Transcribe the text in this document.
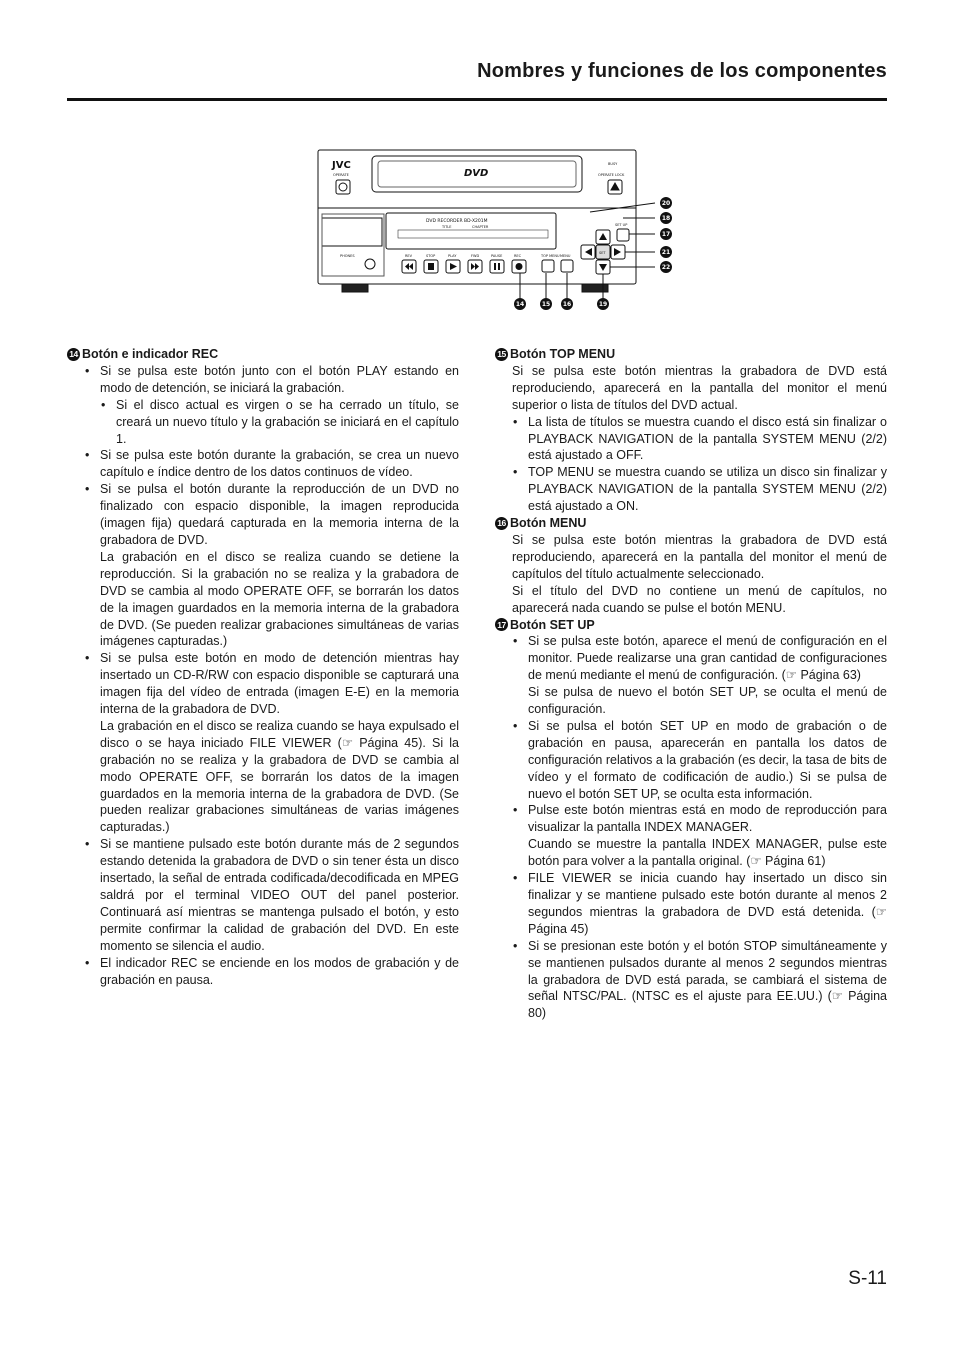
Nombres y funciones de los componentes
JVC
DVD
DVD RECORDER BD-X201M
OPERATE	OPERATE LOCK
BUSY
PHONES
TITLE	CHAPTER
REV	STOP	PLAY	FWD	PAUSE	REC	TOP MENU MENU
SET UP
SET
14	15 16	19
20
18
17
21
22
14 Botón e indicador REC

• Si se pulsa este botón junto con el botón PLAY estando en modo de detención, se iniciará la grabación.

• Si el disco actual es virgen o se ha cerrado un título, se creará un nuevo título y la grabación se iniciará en el capítulo 1.

• Si se pulsa este botón durante la grabación, se crea un nuevo capítulo e índice dentro de los datos continuos de vídeo.

• Si se pulsa el botón durante la reproducción de un DVD no finalizado con espacio disponible, la imagen reproducida (imagen fija) quedará capturada en la memoria interna de la grabadora de DVD.

La grabación en el disco se realiza cuando se detiene la reproducción. Si la grabación no se realiza y la grabadora de DVD se cambia al modo OPERATE OFF, se borrarán los datos de la imagen guardados en la memoria interna de la grabadora de DVD. (Se pueden realizar grabaciones simultáneas de varias imágenes capturadas.)

• Si se pulsa este botón en modo de detención mientras hay insertado un CD-R/RW con espacio disponible se capturará una imagen fija del vídeo de entrada (imagen E-E) en la memoria interna de la grabadora de DVD.

La grabación en el disco se realiza cuando se haya expulsado el disco o se haya iniciado FILE VIEWER (☞ Página 45). Si la grabación no se realiza y la grabadora de DVD se cambia al modo OPERATE OFF, se borrarán los datos de la imagen guardados en la memoria interna de la grabadora de DVD. (Se pueden realizar grabaciones simultáneas de varias imágenes capturadas.)

• Si se mantiene pulsado este botón durante más de 2 segundos estando detenida la grabadora de DVD o sin tener ésta un disco insertado, la señal de entrada codificada/decodificada en MPEG saldrá por el terminal VIDEO OUT del panel posterior. Continuará así mientras se mantenga pulsado el botón, y esto permite confirmar la calidad de grabación del DVD. En este momento se silencia el audio.

• El indicador REC se enciende en los modos de grabación y de grabación en pausa.

15 Botón TOP MENU

Si se pulsa este botón mientras la grabadora de DVD está reproduciendo, aparecerá en la pantalla del monitor el menú superior o lista de títulos del DVD actual.

• La lista de títulos se muestra cuando el disco está sin finalizar o PLAYBACK NAVIGATION de la pantalla SYSTEM MENU (2/2) está ajustado a OFF.

• TOP MENU se muestra cuando se utiliza un disco sin finalizar y PLAYBACK NAVIGATION de la pantalla SYSTEM MENU (2/2) está ajustado a ON.

16 Botón MENU

Si se pulsa este botón mientras la grabadora de DVD está reproduciendo, aparecerá en la pantalla del monitor el menú de capítulos del título actualmente seleccionado.

Si el título del DVD no contiene un menú de capítulos, no aparecerá nada cuando se pulse el botón MENU.

17 Botón SET UP

• Si se pulsa este botón, aparece el menú de configuración en el monitor. Puede realizarse una gran cantidad de configuraciones de menú mediante el menú de configuración. (☞ Página 63)

Si se pulsa de nuevo el botón SET UP, se oculta el menú de configuración.

• Si se pulsa el botón SET UP en modo de grabación o de grabación en pausa, aparecerán en pantalla los datos de configuración relativos a la grabación (es decir, la tasa de bits de vídeo y el formato de codificación de audio.) Si se pulsa de nuevo el botón SET UP, se oculta esta información.

• Pulse este botón mientras está en modo de reproducción para visualizar la pantalla INDEX MANAGER.

Cuando se muestre la pantalla INDEX MANAGER, pulse este botón para volver a la pantalla original. (☞ Página 61)

• FILE VIEWER se inicia cuando hay insertado un disco sin finalizar y se mantiene pulsado este botón durante al menos 2 segundos mientras la grabadora de DVD está detenida. (☞ Página 45)

• Si se presionan este botón y el botón STOP simultáneamente y se mantienen pulsados durante al menos 2 segundos mientras la grabadora de DVD está parada, se cambiará el sistema de señal NTSC/PAL. (NTSC es el ajuste para EE.UU.) (☞ Página 80)

S-11
